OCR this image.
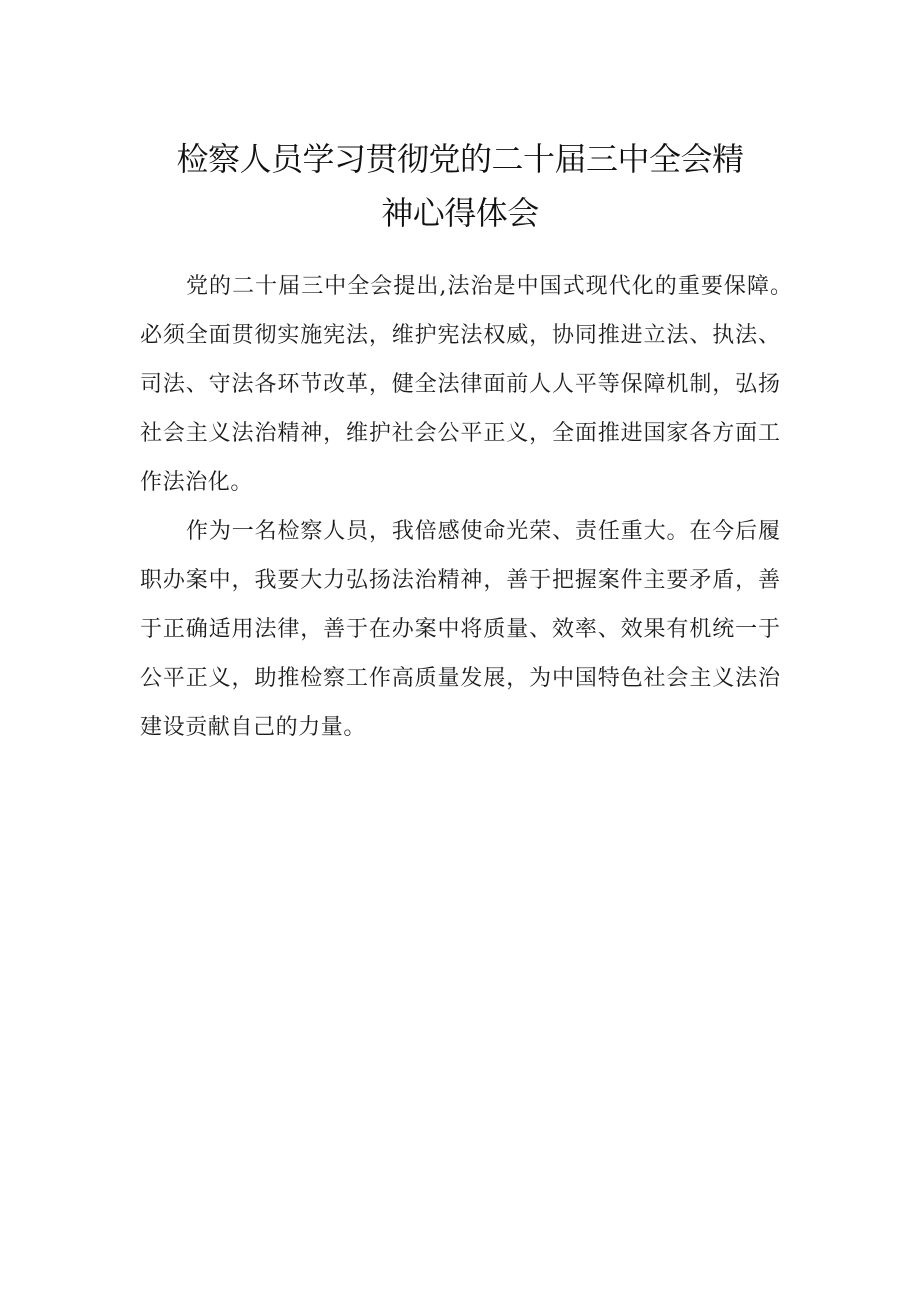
检察人员学习贯彻党的二十届三中全会精
神心得体会
党的二十届三中全会提出,法治是中国式现代化的重要保障。
必须全面贯彻实施宪法，维护宪法权威，协同推进立法、执法、
司法、守法各环节改革，健全法律面前人人平等保障机制，弘扬
社会主义法治精神，维护社会公平正义，全面推进国家各方面工
作法治化。
作为一名检察人员，我倍感使命光荣、责任重大。在今后履
职办案中，我要大力弘扬法治精神，善于把握案件主要矛盾，善
于正确适用法律，善于在办案中将质量、效率、效果有机统一于
公平正义，助推检察工作高质量发展，为中国特色社会主义法治
建设贡献自己的力量。
